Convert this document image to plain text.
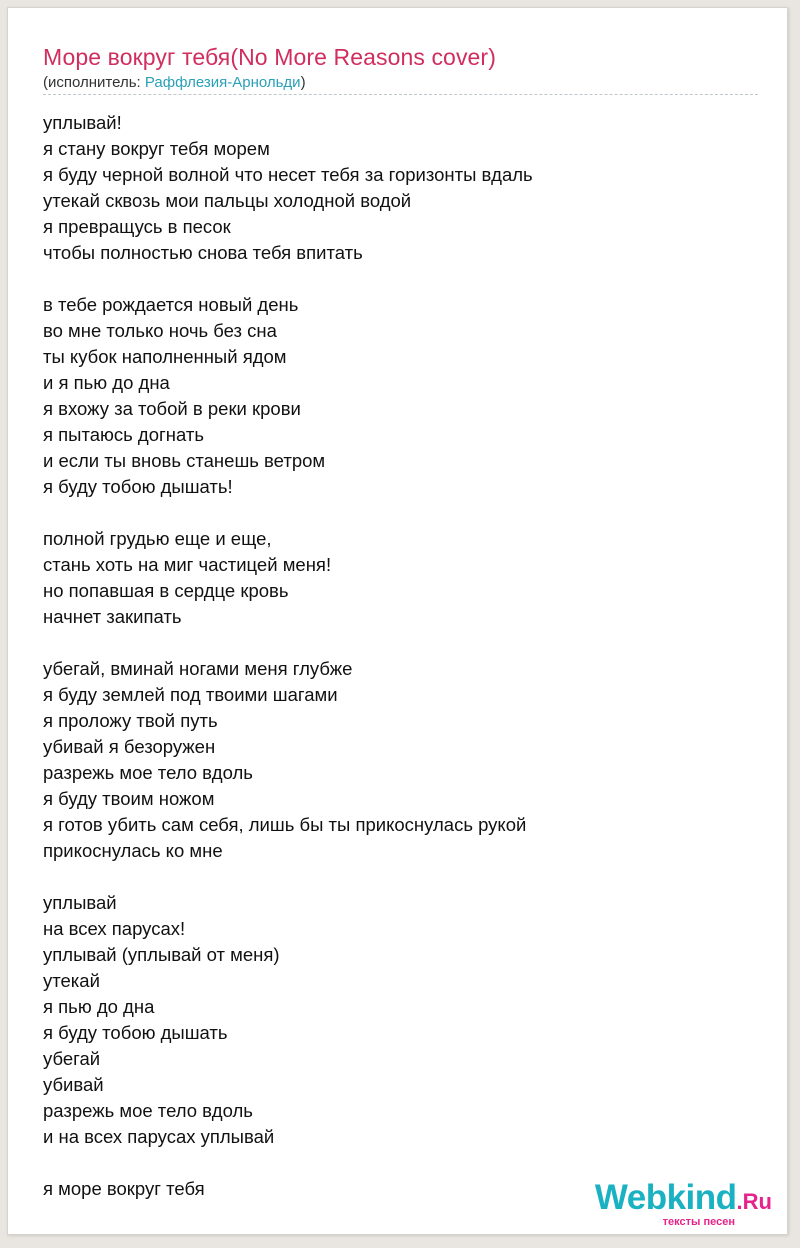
Море вокруг тебя(No More Reasons cover)
(исполнитель: Раффлезия-Арнольди)
уплывай!
я стану вокруг тебя морем
я буду черной волной что несет тебя за горизонты вдаль
утекай сквозь мои пальцы холодной водой
я превращусь в песок
чтобы полностью снова тебя впитать
в тебе рождается новый день
во мне только ночь без сна
ты кубок наполненный ядом
и я пью до дна
я вхожу за тобой в реки крови
я пытаюсь догнать
и если ты вновь станешь ветром
я буду тобою дышать!
полной грудью еще и еще,
стань хоть на миг частицей меня!
но попавшая в сердце кровь
начнет закипать
убегай, вминай ногами меня глубже
я буду землей под твоими шагами
я проложу твой путь
убивай я безоружен
разрежь мое тело вдоль
я буду твоим ножом
я готов убить сам себя, лишь бы ты прикоснулась рукой
прикоснулась ко мне
уплывай
на всех парусах!
уплывай (уплывай от меня)
утекай
я пью до дна
я буду тобою дышать
убегай
убивай
разрежь мое тело вдоль
и на всех парусах уплывай
я море вокруг тебя	Webkind.Ru
тексты песен
